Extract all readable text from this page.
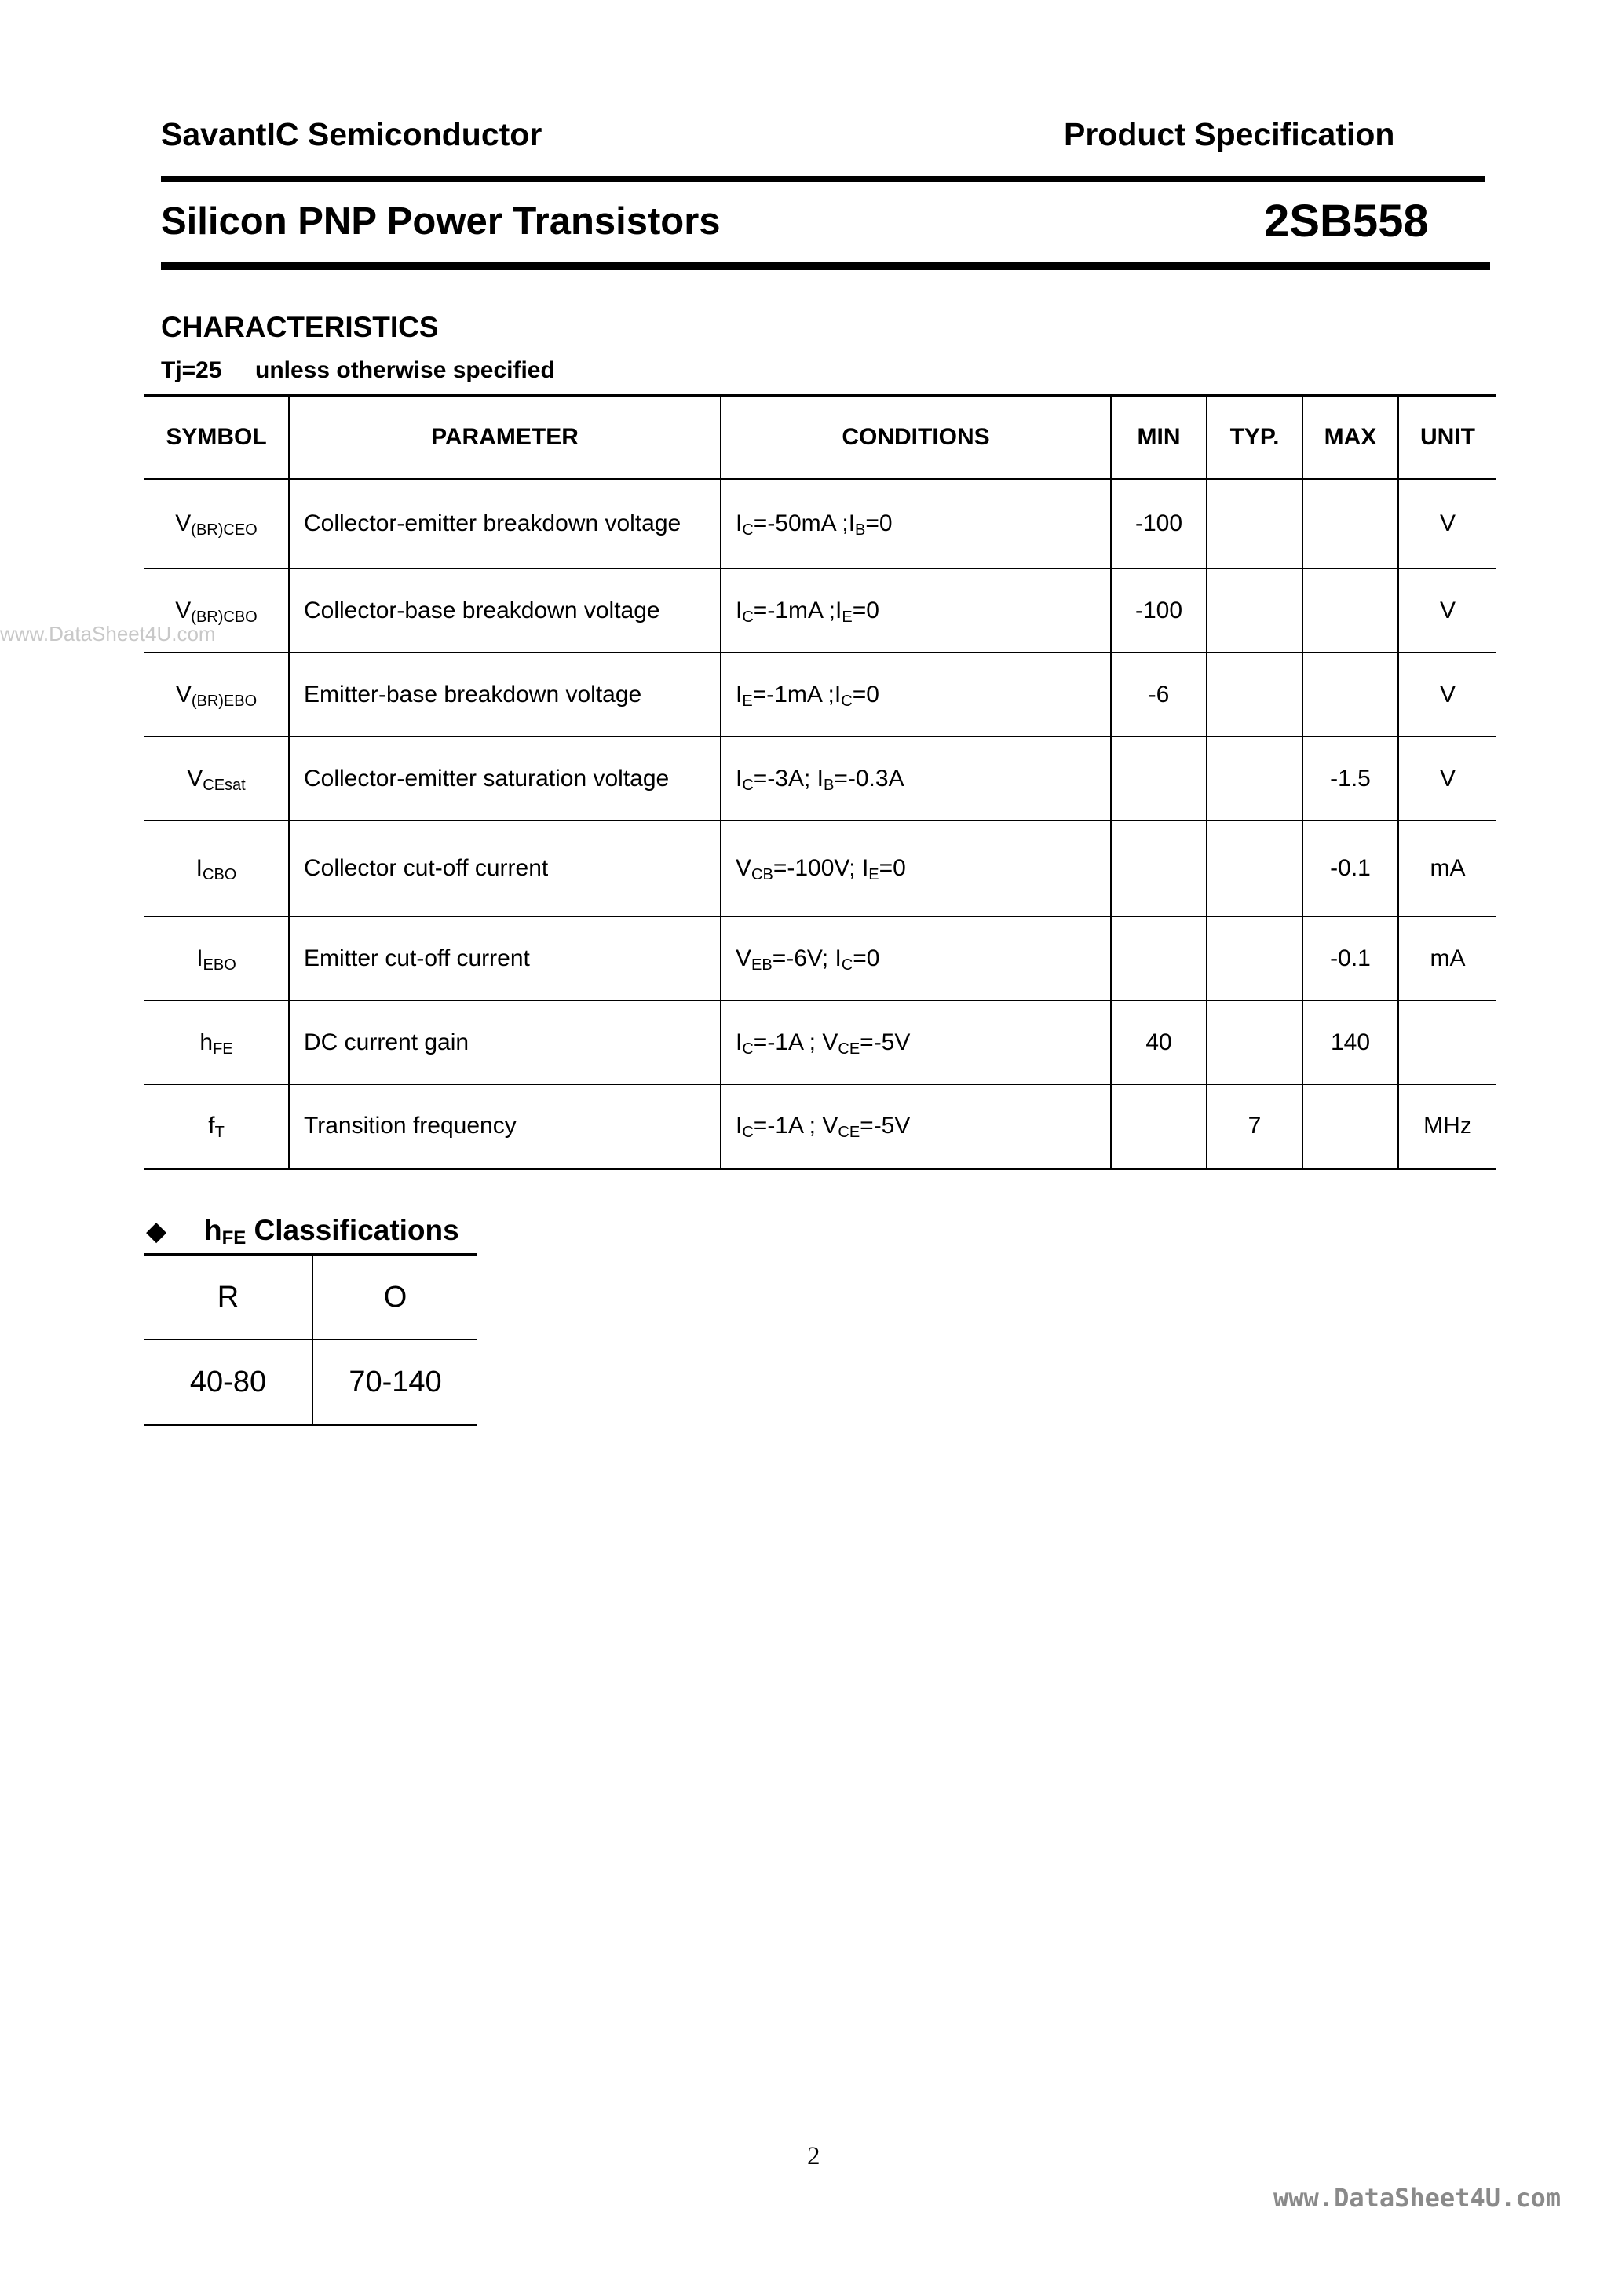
SavantIC Semiconductor	Product Specification
Silicon PNP Power Transistors	2SB558
CHARACTERISTICS
Tj=25 unless otherwise specified
www.DataSheet4U.com
SYMBOL	PARAMETER	CONDITIONS	MIN	TYP.	MAX	UNIT
$V_{(BR)CEO}$	Collector-emitter breakdown voltage	$I_C=-50mA$ $;I_B=0$	-100			V
$V_{(BR)CBO}$	Collector-base breakdown voltage	$I_C=-1mA$ $;I_E=0$	-100			V
$V_{(BR)EBO}$	Emitter-base breakdown voltage	$I_E=-1mA$ $;I_C=0$	-6			V
$V_{CEsat}$	Collector-emitter saturation voltage	$I_C=-3A$; $I_B=-0.3A$			-1.5	V
$I_{CBO}$	Collector cut-off current	$V_{CB}=-100V$; $I_E=0$			-0.1	mA
$I_{EBO}$	Emitter cut-off current	$V_{EB}=-6V$; $I_C=0$			-0.1	mA
$h_{FE}$	DC current gain	$I_C=-1A$ ; $V_{CE}=-5V$	40		140	
$f_T$	Transition frequency	$I_C=-1A$ ; $V_{CE}=-5V$		7		MHz
◆ $h_{FE}$ Classifications
R	O
40-80	70-140
2
www.DataSheet4U.com
